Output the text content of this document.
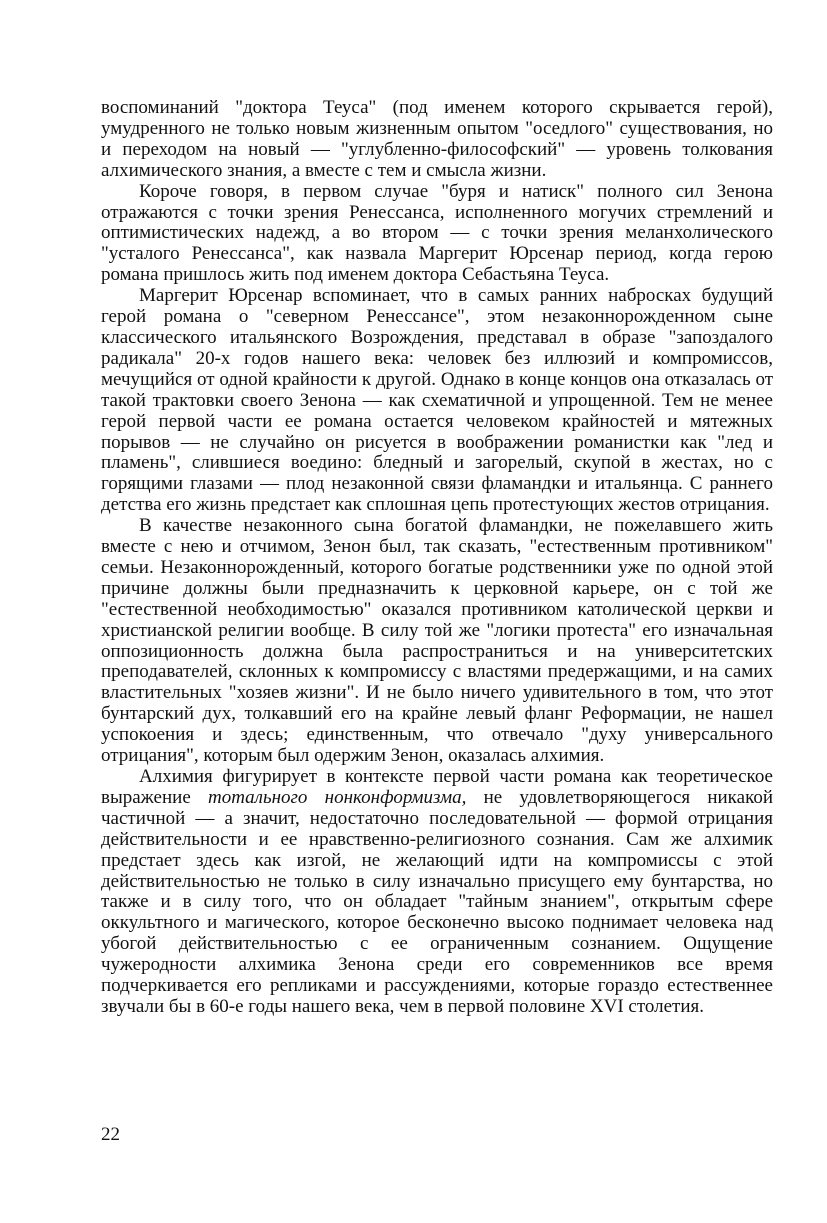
воспоминаний "доктора Теуса" (под именем которого скрывается герой), умудренного не только новым жизненным опытом "оседлого" существования, но и переходом на новый — "углубленно-философский" — уровень толкования алхимического знания, а вместе с тем и смысла жизни.

Короче говоря, в первом случае "буря и натиск" полного сил Зенона отражаются с точки зрения Ренессанса, исполненного могучих стремлений и оптимистических надежд, а во втором — с точки зрения меланхолического "усталого Ренессанса", как назвала Маргерит Юрсенар период, когда герою романа пришлось жить под именем доктора Себастьяна Теуса.

Маргерит Юрсенар вспоминает, что в самых ранних набросках будущий герой романа о "северном Ренессансе", этом незаконнорожденном сыне классического итальянского Возрождения, представал в образе "запоздалого радикала" 20-х годов нашего века: человек без иллюзий и компромиссов, мечущийся от одной крайности к другой. Однако в конце концов она отказалась от такой трактовки своего Зенона — как схематичной и упрощенной. Тем не менее герой первой части ее романа остается человеком крайностей и мятежных порывов — не случайно он рисуется в воображении романистки как "лед и пламень", слившиеся воедино: бледный и загорелый, скупой в жестах, но с горящими глазами — плод незаконной связи фламандки и итальянца. С раннего детства его жизнь предстает как сплошная цепь протестующих жестов отрицания.

В качестве незаконного сына богатой фламандки, не пожелавшего жить вместе с нею и отчимом, Зенон был, так сказать, "естественным противником" семьи. Незаконнорожденный, которого богатые родственники уже по одной этой причине должны были предназначить к церковной карьере, он с той же "естественной необходимостью" оказался противником католической церкви и христианской религии вообще. В силу той же "логики протеста" его изначальная оппозиционность должна была распространиться и на университетских преподавателей, склонных к компромиссу с властями предержащими, и на самих властительных "хозяев жизни". И не было ничего удивительного в том, что этот бунтарский дух, толкавший его на крайне левый фланг Реформации, не нашел успокоения и здесь; единственным, что отвечало "духу универсального отрицания", которым был одержим Зенон, оказалась алхимия.

Алхимия фигурирует в контексте первой части романа как теоретическое выражение тотального нонконформизма, не удовлетворяющегося никакой частичной — а значит, недостаточно последовательной — формой отрицания действительности и ее нравственно-религиозного сознания. Сам же алхимик предстает здесь как изгой, не желающий идти на компромиссы с этой действительностью не только в силу изначально присущего ему бунтарства, но также и в силу того, что он обладает "тайным знанием", открытым сфере оккультного и магического, которое бесконечно высоко поднимает человека над убогой действительностью с ее ограниченным сознанием. Ощущение чужеродности алхимика Зенона среди его современников все время подчеркивается его репликами и рассуждениями, которые гораздо естественнее звучали бы в 60-е годы нашего века, чем в первой половине XVI столетия.

22
